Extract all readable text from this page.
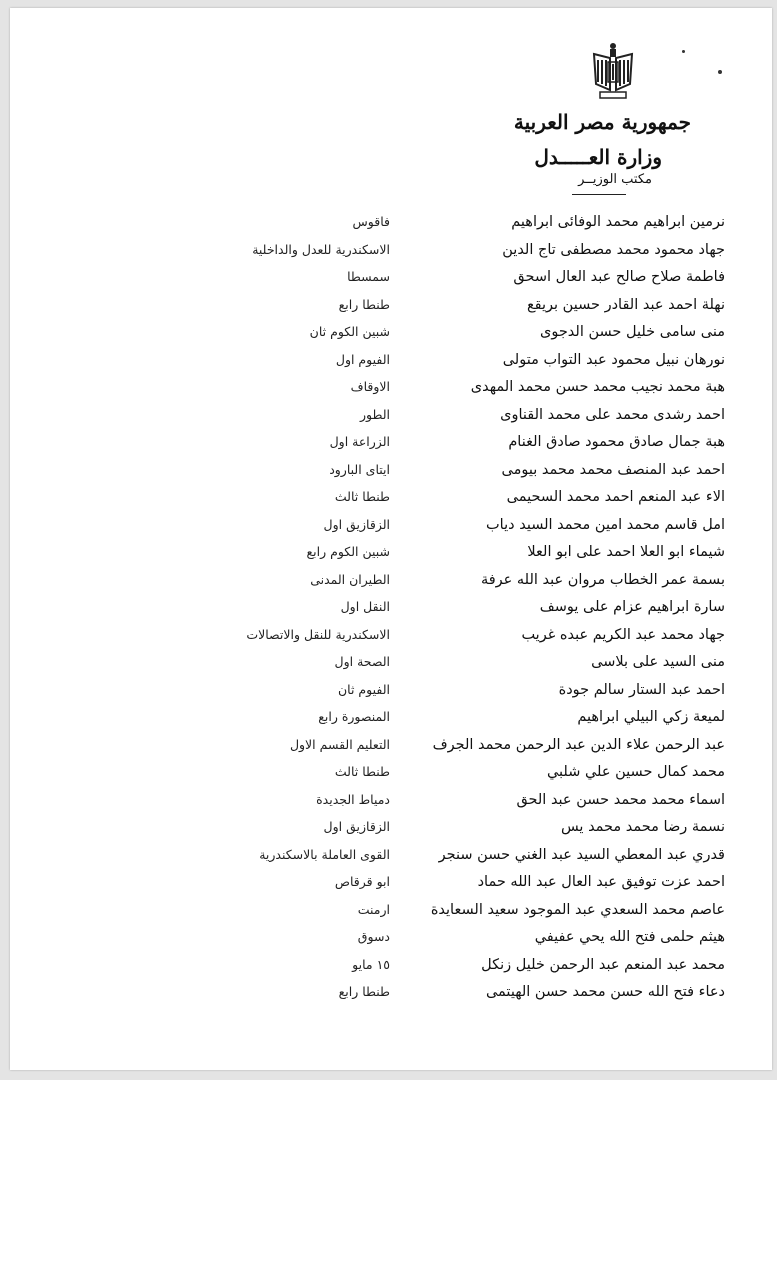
جمهورية مصر العربية
وزارة العـــــدل
مكتب الوزيــر
نرمين ابراهيم محمد الوفائى ابراهيم
فاقوس
جهاد محمود محمد مصطفى تاج الدين
الاسكندرية للعدل والداخلية
فاطمة صلاح صالح عبد العال اسحق
سمسطا
نهلة احمد عبد القادر حسين بريقع
طنطا رابع
منى سامى خليل حسن الدجوى
شبين الكوم ثان
نورهان نبيل محمود عبد التواب متولى
الفيوم اول
هبة محمد نجيب محمد حسن محمد المهدى
الاوقاف
احمد رشدى محمد على محمد القناوى
الطور
هبة جمال صادق محمود صادق الغنام
الزراعة اول
احمد عبد المنصف محمد محمد بيومى
ايتاى البارود
الاء عبد المنعم احمد محمد السحيمى
طنطا ثالث
امل قاسم محمد امين محمد السيد دياب
الزقازيق اول
شيماء ابو العلا احمد على ابو العلا
شبين الكوم رابع
بسمة عمر الخطاب مروان عبد الله عرفة
الطيران المدنى
سارة ابراهيم عزام على يوسف
النقل اول
جهاد محمد عبد الكريم عبده غريب
الاسكندرية للنقل والاتصالات
منى السيد على بلاسى
الصحة اول
احمد عبد الستار سالم جودة
الفيوم ثان
لميعة زكي البيلي ابراهيم
المنصورة رابع
عبد الرحمن علاء الدين عبد الرحمن محمد الجرف
التعليم القسم الاول
محمد كمال حسين علي شلبي
طنطا ثالث
اسماء محمد محمد حسن عبد الحق
دمياط الجديدة
نسمة رضا محمد محمد يس
الزقازيق اول
قدري عبد المعطي السيد عبد الغني حسن سنجر
القوى العاملة بالاسكندرية
احمد عزت توفيق عبد العال عبد الله حماد
ابو قرقاص
عاصم محمد السعدي عبد الموجود سعيد السعايدة
ارمنت
هيثم حلمى فتح الله يحي عفيفي
دسوق
محمد عبد المنعم عبد الرحمن خليل زنكل
١٥ مايو
دعاء فتح الله حسن محمد حسن الهيتمى
طنطا رابع
